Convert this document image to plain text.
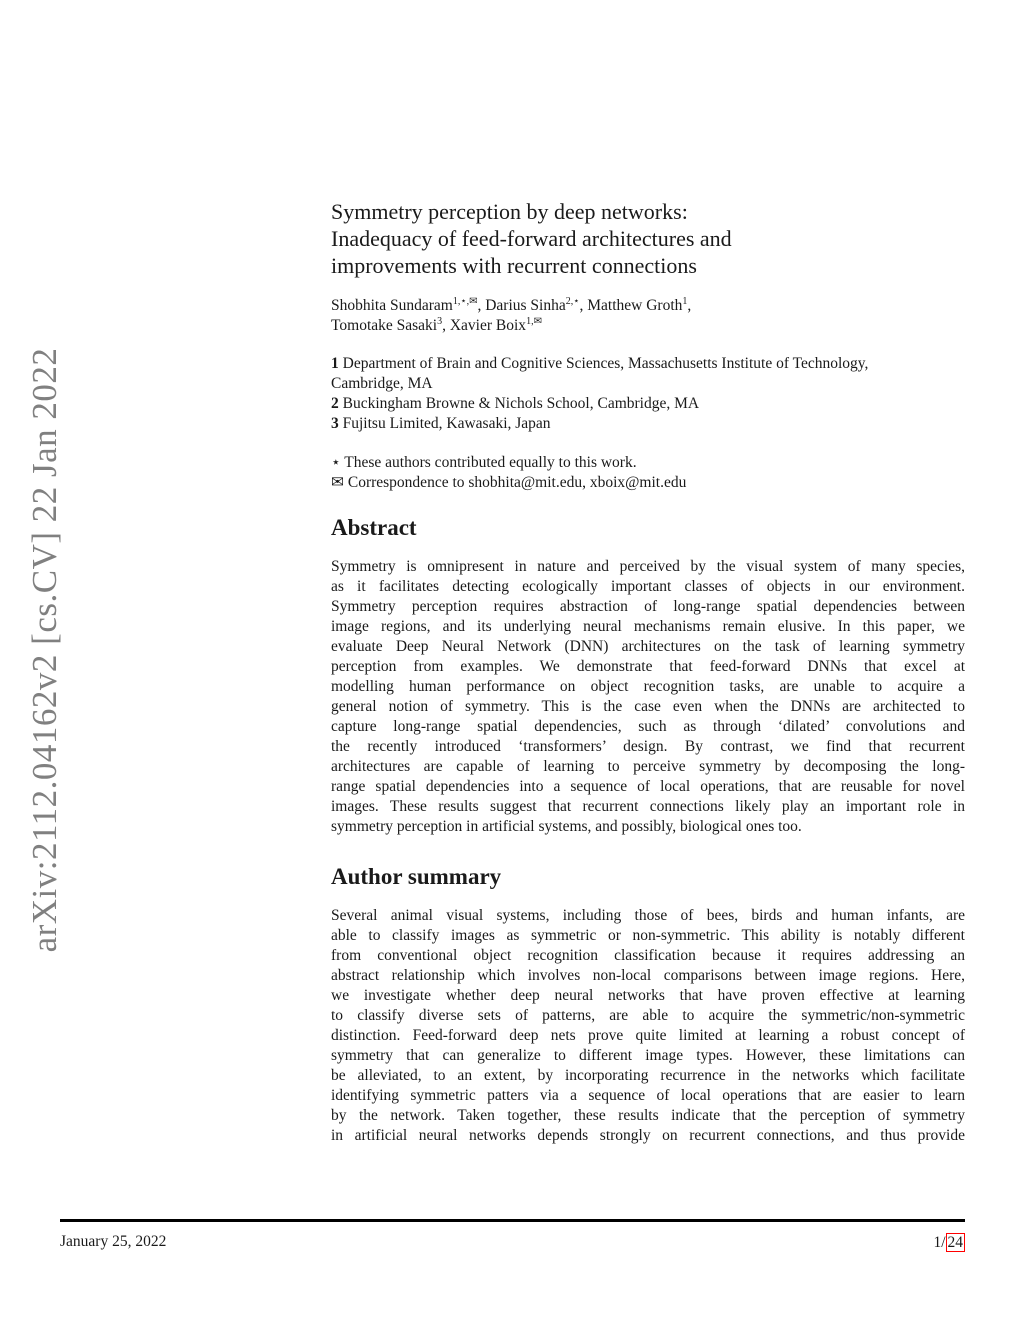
arXiv:2112.04162v2 [cs.CV] 22 Jan 2022
Symmetry perception by deep networks:
Inadequacy of feed-forward architectures and
improvements with recurrent connections
Shobhita Sundaram$^{1,⋆,✉}$, Darius Sinha$^{2,⋆}$, Matthew Groth$^1$,
Tomotake Sasaki$^3$, Xavier Boix$^{1,✉}$
1 Department of Brain and Cognitive Sciences, Massachusetts Institute of Technology,
Cambridge, MA
2 Buckingham Browne & Nichols School, Cambridge, MA
3 Fujitsu Limited, Kawasaki, Japan
⋆ These authors contributed equally to this work.
✉ Correspondence to shobhita@mit.edu, xboix@mit.edu
Abstract
Symmetry is omnipresent in nature and perceived by the visual system of many species,
as it facilitates detecting ecologically important classes of objects in our environment.
Symmetry perception requires abstraction of long-range spatial dependencies between
image regions, and its underlying neural mechanisms remain elusive. In this paper, we
evaluate Deep Neural Network (DNN) architectures on the task of learning symmetry
perception from examples. We demonstrate that feed-forward DNNs that excel at
modelling human performance on object recognition tasks, are unable to acquire a
general notion of symmetry. This is the case even when the DNNs are architected to
capture long-range spatial dependencies, such as through ‘dilated’ convolutions and
the recently introduced ‘transformers’ design. By contrast, we find that recurrent
architectures are capable of learning to perceive symmetry by decomposing the long-
range spatial dependencies into a sequence of local operations, that are reusable for novel
images. These results suggest that recurrent connections likely play an important role in
symmetry perception in artificial systems, and possibly, biological ones too.
Author summary
Several animal visual systems, including those of bees, birds and human infants, are
able to classify images as symmetric or non-symmetric. This ability is notably different
from conventional object recognition classification because it requires addressing an
abstract relationship which involves non-local comparisons between image regions. Here,
we investigate whether deep neural networks that have proven effective at learning
to classify diverse sets of patterns, are able to acquire the symmetric/non-symmetric
distinction. Feed-forward deep nets prove quite limited at learning a robust concept of
symmetry that can generalize to different image types. However, these limitations can
be alleviated, to an extent, by incorporating recurrence in the networks which facilitate
identifying symmetric patters via a sequence of local operations that are easier to learn
by the network. Taken together, these results indicate that the perception of symmetry
in artificial neural networks depends strongly on recurrent connections, and thus provide
January 25, 2022	1/ 24
